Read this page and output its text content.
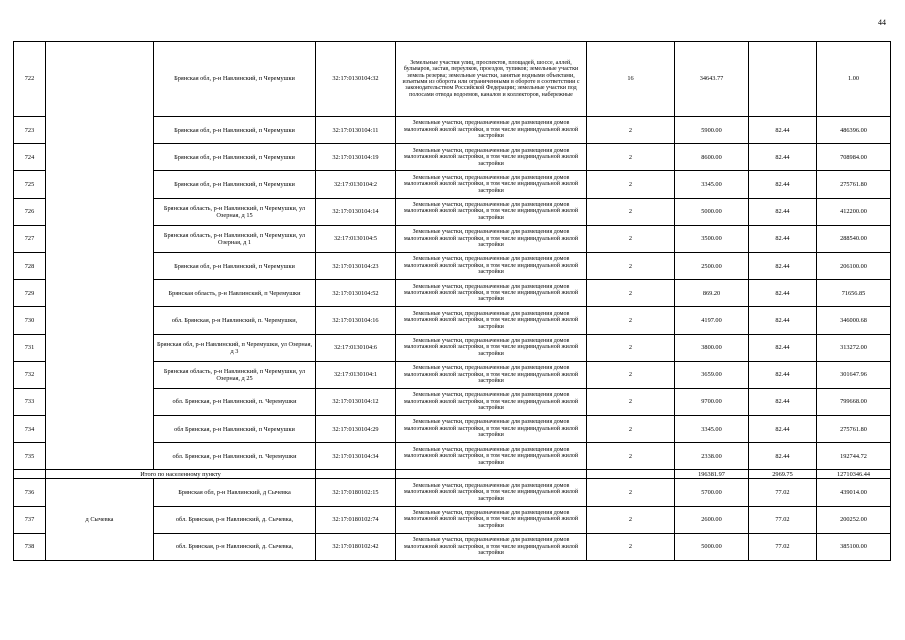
44
722		Брянская обл, р-н Навлинский, п Черемушки	32:17:0130104:32	Земельные участки улиц, проспектов, площадей, шоссе, аллей, бульваров, застав, переулков, проездов, тупиков; земельные участки земель резерва; земельные участки, занятые водными объектами, изъятыми из оборота или ограниченными в обороте в соответствии с законодательством Российской Федерации; земельные участки под полосами отвода водоемов, каналов и коллекторов, набережные	16	34643.77		1.00
723		Брянская обл, р-н Навлинский, п Черемушки	32:17:0130104:11	Земельные участки, предназначенные для размещения домов малоэтажной жилой застройки, в том числе индивидуальной жилой застройки	2	5900.00	82.44	486396.00
724		Брянская обл, р-н Навлинский, п Черемушки	32:17:0130104:19	Земельные участки, предназначенные для размещения домов малоэтажной жилой застройки, в том числе индивидуальной жилой застройки	2	8600.00	82.44	708984.00
725		Брянская обл, р-н Навлинский, п Черемушки	32:17:0130104:2	Земельные участки, предназначенные для размещения домов малоэтажной жилой застройки, в том числе индивидуальной жилой застройки	2	3345.00	82.44	275761.80
726		Брянская область, р-н Навлинский, п Черемушки, ул Озерная, д 15	32:17:0130104:14	Земельные участки, предназначенные для размещения домов малоэтажной жилой застройки, в том числе индивидуальной жилой застройки	2	5000.00	82.44	412200.00
727		Брянская область, р-н Навлинский, п Черемушки, ул Озерная, д 1	32:17:0130104:5	Земельные участки, предназначенные для размещения домов малоэтажной жилой застройки, в том числе индивидуальной жилой застройки	2	3500.00	82.44	288540.00
728		Брянская обл, р-н Навлинский, п Черемушки	32:17:0130104:23	Земельные участки, предназначенные для размещения домов малоэтажной жилой застройки, в том числе индивидуальной жилой застройки	2	2500.00	82.44	206100.00
729		Брянская область, р-н Навлинский, п Черемушки	32:17:0130104:52	Земельные участки, предназначенные для размещения домов малоэтажной жилой застройки, в том числе индивидуальной жилой застройки	2	869.20	82.44	71656.85
730		обл. Брянская, р-н Навлинский, п. Черемушки,	32:17:0130104:16	Земельные участки, предназначенные для размещения домов малоэтажной жилой застройки, в том числе индивидуальной жилой застройки	2	4197.00	82.44	346000.68
731		Брянская обл, р-н Навлинский, п Черемушки, ул Озерная, д 3	32:17:0130104:6	Земельные участки, предназначенные для размещения домов малоэтажной жилой застройки, в том числе индивидуальной жилой застройки	2	3800.00	82.44	313272.00
732		Брянская область, р-н Навлинский, п Черемушки, ул Озерная, д 25	32:17:0130104:1	Земельные участки, предназначенные для размещения домов малоэтажной жилой застройки, в том числе индивидуальной жилой застройки	2	3659.00	82.44	301647.96
733		обл. Брянская, р-н Навлинский, п. Черемушки	32:17:0130104:12	Земельные участки, предназначенные для размещения домов малоэтажной жилой застройки, в том числе индивидуальной жилой застройки	2	9700.00	82.44	799668.00
734		обл Брянская, р-н Навлинский, п Черемушки	32:17:0130104:29	Земельные участки, предназначенные для размещения домов малоэтажной жилой застройки, в том числе индивидуальной жилой застройки	2	3345.00	82.44	275761.80
735		обл. Брянская, р-н Навлинский, п. Черемушки	32:17:0130104:34	Земельные участки, предназначенные для размещения домов малоэтажной жилой застройки, в том числе индивидуальной жилой застройки	2	2338.00	82.44	192744.72
	Итого по населенному пункту					196381.97	2969.75	12710346.44
736	д Сычевка	Брянская обл, р-н Навлинский, д Сычевка	32:17:0180102:15	Земельные участки, предназначенные для размещения домов малоэтажной жилой застройки, в том числе индивидуальной жилой застройки	2	5700.00	77.02	439014.00
737		обл. Брянская, р-н Навлинский, д. Сычевка,	32:17:0180102:74	Земельные участки, предназначенные для размещения домов малоэтажной жилой застройки, в том числе индивидуальной жилой застройки	2	2600.00	77.02	200252.00
738		обл. Брянская, р-н Навлинский, д. Сычевка,	32:17:0180102:42	Земельные участки, предназначенные для размещения домов малоэтажной жилой застройки, в том числе индивидуальной жилой застройки	2	5000.00	77.02	385100.00
